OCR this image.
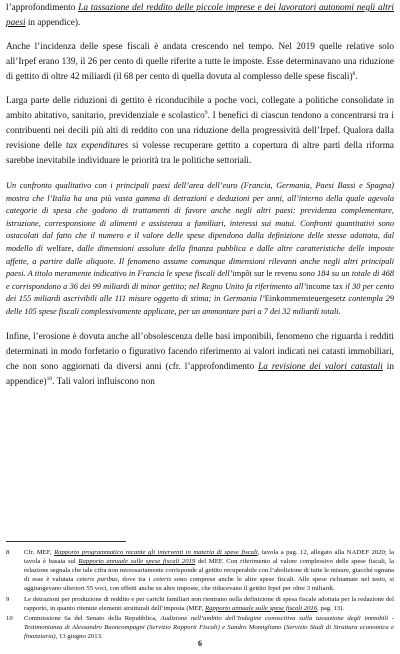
l’approfondimento La tassazione del reddito delle piccole imprese e dei lavoratori autonomi negli altri paesi in appendice).

Anche l’incidenza delle spese fiscali è andata crescendo nel tempo. Nel 2019 quelle relative solo all’Irpef erano 139, il 26 per cento di quelle riferite a tutte le imposte. Esse determinavano una riduzione di gettito di oltre 42 miliardi (il 68 per cento di quella dovuta al complesso delle spese fiscali)$^8$.

Larga parte delle riduzioni di gettito è riconducibile a poche voci, collegate a politiche consolidate in ambito abitativo, sanitario, previdenziale e scolastico$^9$. I benefici di ciascun tendono a concentrarsi tra i contribuenti nei decili più alti di reddito con una riduzione della progressività dell’Irpef. Qualora dalla revisione delle tax expenditures si volesse recuperare gettito a copertura di altre parti della riforma sarebbe inevitabile individuare le priorità tra le politiche settoriali.

Un confronto qualitativo con i principali paesi dell’area dell’euro (Francia, Germania, Paesi Bassi e Spagna) mostra che l’Italia ha una più vasta gamma di detrazioni e deduzioni per anni, all’interno della quale agevola categorie di spesa che godono di trattamenti di favore anche negli altri paesi: previdenza complementare, istruzione, corresponsione di alimenti e assistenza a familiari, interessi sui mutui. Confronti quantitativi sono ostacolati dal fatto che il numero e il valore delle spese dipendono dalla definizione delle stesse adottata, dal modello di welfare, dalle dimensioni assolute della finanza pubblica e dalle altre caratteristiche delle imposte affette, a partire dalle aliquote. Il fenomeno assume comunque dimensioni rilevanti anche negli altri principali paesi. A titolo meramente indicativo in Francia le spese fiscali dell’impôt sur le revenu sono 184 su un totale di 468 e corrispondono a 36 dei 99 miliardi di minor gettito; nel Regno Unito fa riferimento all’income tax il 30 per cento dei 155 miliardi ascrivibili alle 111 misure oggetto di stima; in Germania l’Einkommensteuergesetz contempla 29 delle 105 spese fiscali complessivamente applicate, per un ammontare pari a 7 dei 32 miliardi totali.

Infine, l’erosione è dovuta anche all’obsolescenza delle basi imponibili, fenomeno che riguarda i redditi determinati in modo forfetario o figurativo facendo riferimento ai valori indicati nei catasti immobiliari, che non sono aggiornati da diversi anni (cfr. l’approfondimento La revisione dei valori catastali in appendice)$^{10}$. Tali valori influiscono non

8	Cfr. MEF, Rapporto programmatico recante gli interventi in materia di spese fiscali, tavola a pag. 12, allegato alla NADEF 2020; la tavola è basata sul Rapporto annuale sulle spese fiscali 2019 del MEF. Con riferimento al valore complessivo delle spese fiscali, la relazione segnala che tale cifra non necessariamente corrisponde al gettito recuperabile con l’abolizione di tutte le misure, giacché ognuna di esse è valutata ceteris paribus, dove tra i ceteris sono comprese anche le altre spese fiscali. Alle spese richiamate nel testo, si aggiungevano ulteriori 55 voci, con effetti anche su altre imposte, che riducevano il gettito Irpef per oltre 3 miliardi.
9	Le detrazioni per produzione di reddito e per carichi familiari non rientrano nella definizione di spesa fiscale adottata per la redazione del rapporto, in quanto ritenute elementi strutturali dell’imposta (MEF, Rapporto annuale sulle spese fiscali 2016, pag. 13).
10	Commissione 6a del Senato della Repubblica, Audizione nell’ambito dell’Indagine conoscitiva sulla tassazione degli immobili - Testimonianza di Alessandro Buoncompagni (Servizio Rapporti Fiscali) e Sandro Momigliano (Servizio Studi di Struttura economica e finanziaria), 13 giugno 2013.
6
